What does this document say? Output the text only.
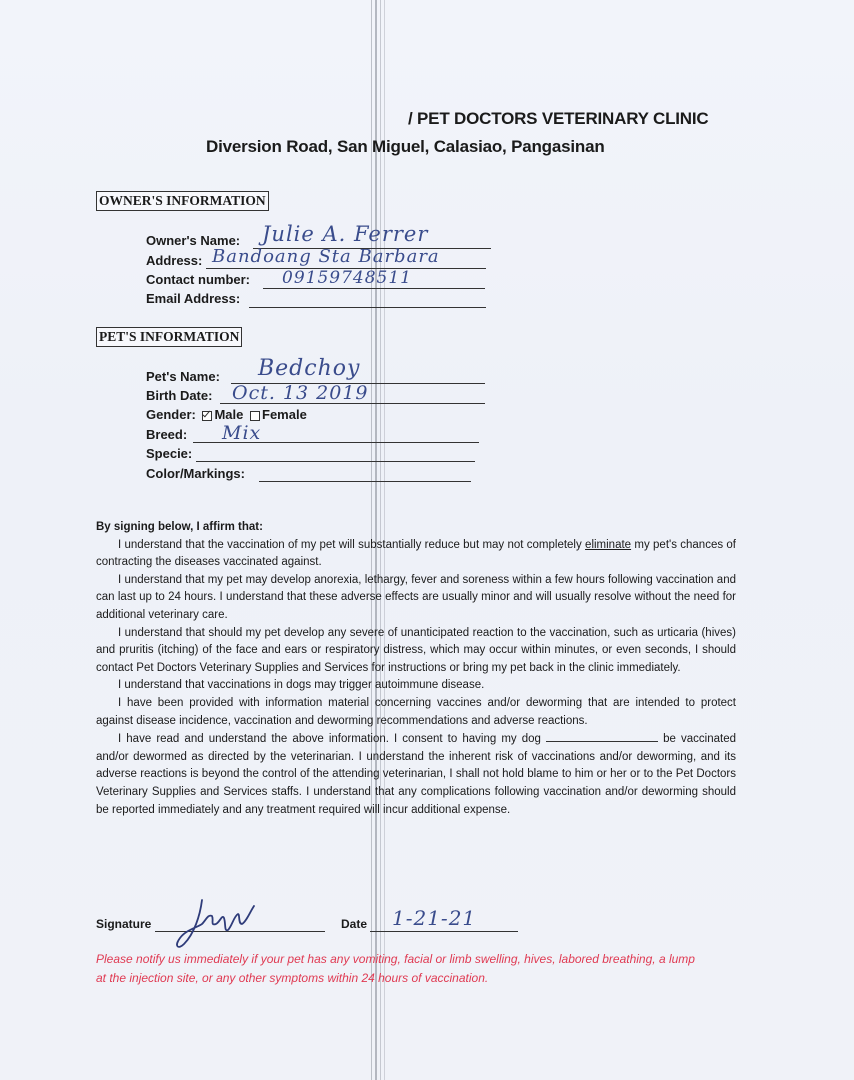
/ PET DOCTORS VETERINARY CLINIC
Diversion Road, San Miguel, Calasiao, Pangasinan
OWNER'S INFORMATION
Owner's Name: Julie A. Ferrer
Address: Bandoang Sta Barbara
Contact number: 09159748511
Email Address:
PET'S INFORMATION
Pet's Name: Bedchoy
Birth Date: Oct. 13 2019
Gender: Male Female
Breed: Mix
Specie:
Color/Markings:
By signing below, I affirm that:

I understand that the vaccination of my pet will substantially reduce but may not completely eliminate my pet's chances of contracting the diseases vaccinated against.

I understand that my pet may develop anorexia, lethargy, fever and soreness within a few hours following vaccination and can last up to 24 hours. I understand that these adverse effects are usually minor and will usually resolve without the need for additional veterinary care.

I understand that should my pet develop any severe of unanticipated reaction to the vaccination, such as urticaria (hives) and pruritis (itching) of the face and ears or respiratory distress, which may occur within minutes, or even seconds, I should contact Pet Doctors Veterinary Supplies and Services for instructions or bring my pet back in the clinic immediately.

I understand that vaccinations in dogs may trigger autoimmune disease.

I have been provided with information material concerning vaccines and/or deworming that are intended to protect against disease incidence, vaccination and deworming recommendations and adverse reactions.

I have read and understand the above information. I consent to having my dog	be vaccinated and/or dewormed as directed by the veterinarian. I understand the inherent risk of vaccinations and/or deworming, and its adverse reactions is beyond the control of the attending veterinarian, I shall not hold blame to him or her or to the Pet Doctors Veterinary Supplies and Services staffs. I understand that any complications following vaccination and/or deworming should be reported immediately and any treatment required will incur additional expense.

Signature	Date 1-21-21
Please notify us immediately if your pet has any vomiting, facial or limb swelling, hives, labored breathing, a lump at the injection site, or any other symptoms within 24 hours of vaccination.
